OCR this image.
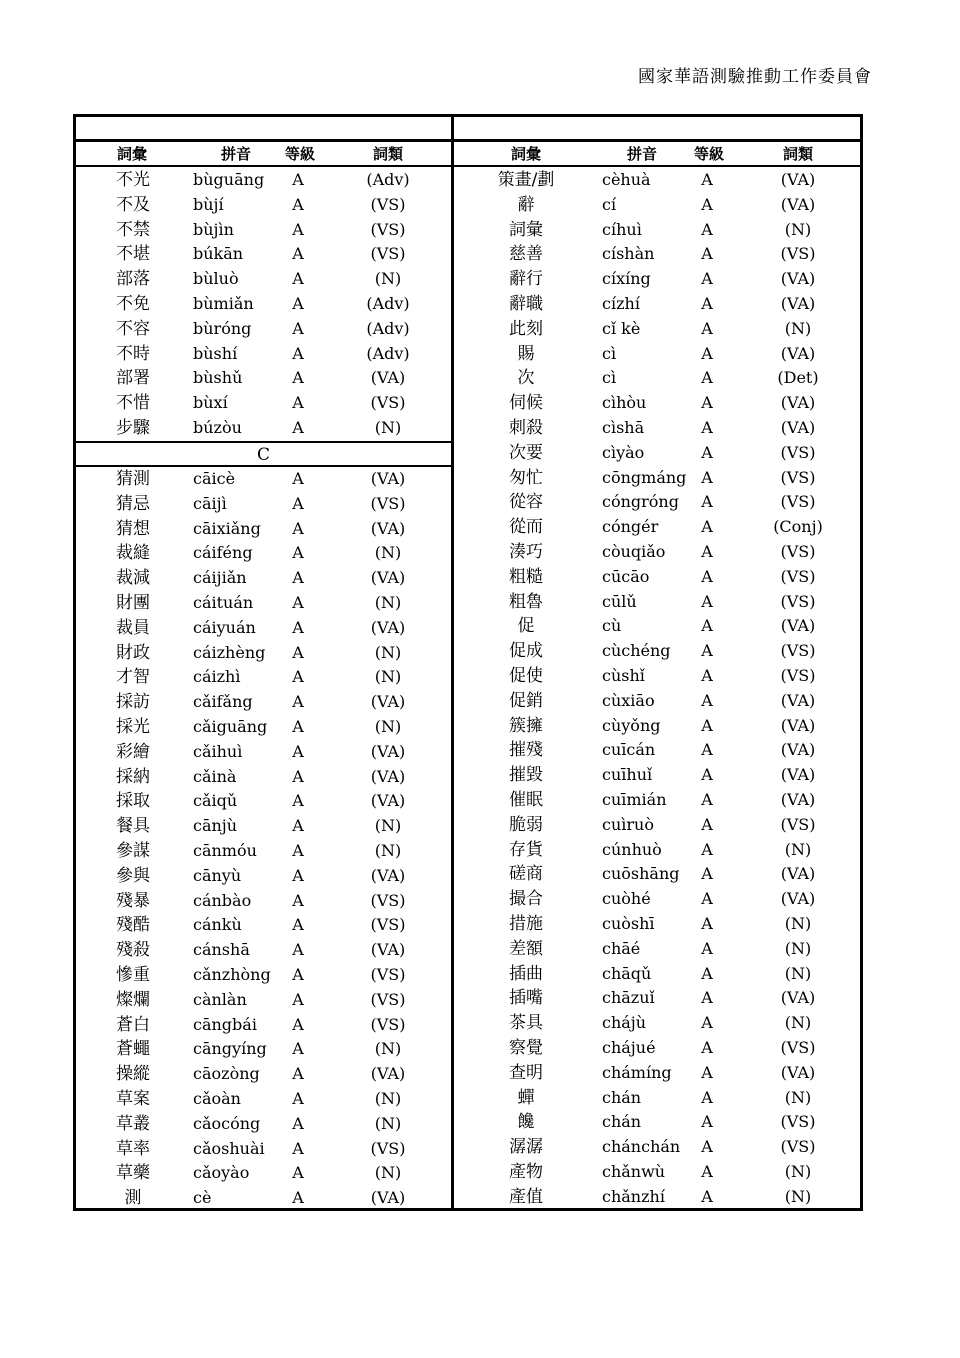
國家華語測驗推動工作委員會
詞彙	拼音	等級	詞類	詞彙	拼音	等級	詞類
C
不光	bùguāng	A	(Adv)
不及	bùjí	A	(VS)
不禁	bùjìn	A	(VS)
不堪	búkān	A	(VS)
部落	bùluò	A	(N)
不免	bùmiǎn	A	(Adv)
不容	bùróng	A	(Adv)
不時	bùshí	A	(Adv)
部署	bùshǔ	A	(VA)
不惜	bùxí	A	(VS)
步驟	búzòu	A	(N)
猜測	cāicè	A	(VA)
猜忌	cāijì	A	(VS)
猜想	cāixiǎng	A	(VA)
裁縫	cáiféng	A	(N)
裁減	cáijiǎn	A	(VA)
財團	cáituán	A	(N)
裁員	cáiyuán	A	(VA)
財政	cáizhèng	A	(N)
才智	cáizhì	A	(N)
採訪	cǎifǎng	A	(VA)
採光	cǎiguāng	A	(N)
彩繪	cǎihuì	A	(VA)
採納	cǎinà	A	(VA)
採取	cǎiqǔ	A	(VA)
餐具	cānjù	A	(N)
參謀	cānmóu	A	(N)
參與	cānyù	A	(VA)
殘暴	cánbào	A	(VS)
殘酷	cánkù	A	(VS)
殘殺	cánshā	A	(VA)
慘重	cǎnzhòng	A	(VS)
燦爛	cànlàn	A	(VS)
蒼白	cāngbái	A	(VS)
蒼蠅	cāngyíng	A	(N)
操縱	cāozòng	A	(VA)
草案	cǎoàn	A	(N)
草叢	cǎocóng	A	(N)
草率	cǎoshuài	A	(VS)
草藥	cǎoyào	A	(N)
測	cè	A	(VA)
策畫/劃	cèhuà	A	(VA)
辭	cí	A	(VA)
詞彙	cíhuì	A	(N)
慈善	císhàn	A	(VS)
辭行	cíxíng	A	(VA)
辭職	cízhí	A	(VA)
此刻	cǐ kè	A	(N)
賜	cì	A	(VA)
次	cì	A	(Det)
伺候	cìhòu	A	(VA)
刺殺	cìshā	A	(VA)
次要	cìyào	A	(VS)
匆忙	cōngmáng A	(VS)
從容	cóngróng	A	(VS)
從而	cóngér	A	(Conj)
湊巧	còuqiǎo	A	(VS)
粗糙	cūcāo	A	(VS)
粗魯	cūlǔ	A	(VS)
促	cù	A	(VA)
促成	cùchéng	A	(VS)
促使	cùshǐ	A	(VS)
促銷	cùxiāo	A	(VA)
簇擁	cùyǒng	A	(VA)
摧殘	cuīcán	A	(VA)
摧毀	cuīhuǐ	A	(VA)
催眠	cuīmián	A	(VA)
脆弱	cuìruò	A	(VS)
存貨	cúnhuò	A	(N)
磋商	cuōshāng	A	(VA)
撮合	cuòhé	A	(VA)
措施	cuòshī	A	(N)
差額	chāé	A	(N)
插曲	chāqǔ	A	(N)
插嘴	chāzuǐ	A	(VA)
茶具	chájù	A	(N)
察覺	chájué	A	(VS)
查明	chámíng	A	(VA)
蟬	chán	A	(N)
饞	chán	A	(VS)
潺潺	chánchán	A	(VS)
產物	chǎnwù	A	(N)
產值	chǎnzhí	A	(N)
